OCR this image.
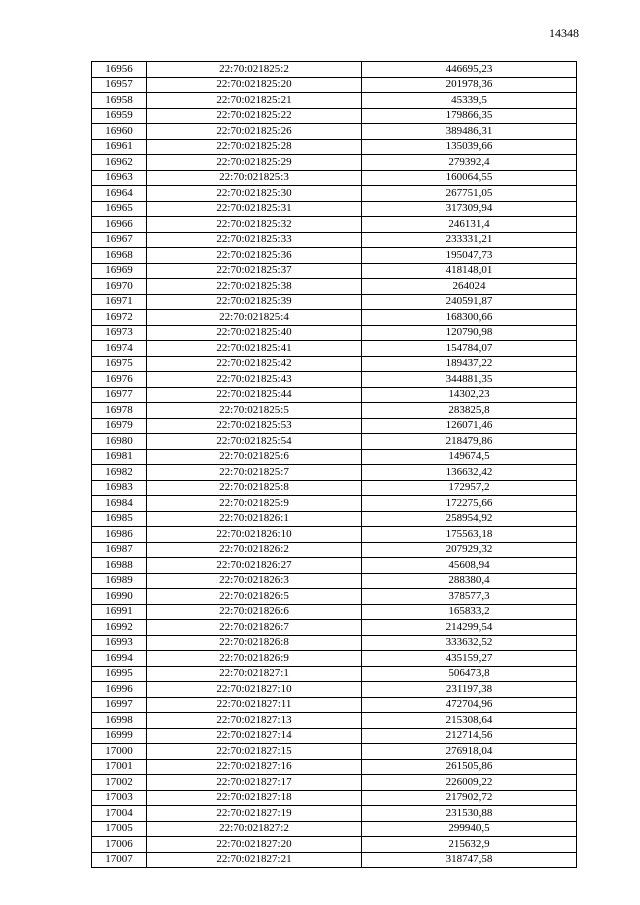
14348
16956	22:70:021825:2	446695,23
16957	22:70:021825:20	201978,36
16958	22:70:021825:21	45339,5
16959	22:70:021825:22	179866,35
16960	22:70:021825:26	389486,31
16961	22:70:021825:28	135039,66
16962	22:70:021825:29	279392,4
16963	22:70:021825:3	160064,55
16964	22:70:021825:30	267751,05
16965	22:70:021825:31	317309,94
16966	22:70:021825:32	246131,4
16967	22:70:021825:33	233331,21
16968	22:70:021825:36	195047,73
16969	22:70:021825:37	418148,01
16970	22:70:021825:38	264024
16971	22:70:021825:39	240591,87
16972	22:70:021825:4	168300,66
16973	22:70:021825:40	120790,98
16974	22:70:021825:41	154784,07
16975	22:70:021825:42	189437,22
16976	22:70:021825:43	344881,35
16977	22:70:021825:44	14302,23
16978	22:70:021825:5	283825,8
16979	22:70:021825:53	126071,46
16980	22:70:021825:54	218479,86
16981	22:70:021825:6	149674,5
16982	22:70:021825:7	136632,42
16983	22:70:021825:8	172957,2
16984	22:70:021825:9	172275,66
16985	22:70:021826:1	258954,92
16986	22:70:021826:10	175563,18
16987	22:70:021826:2	207929,32
16988	22:70:021826:27	45608,94
16989	22:70:021826:3	288380,4
16990	22:70:021826:5	378577,3
16991	22:70:021826:6	165833,2
16992	22:70:021826:7	214299,54
16993	22:70:021826:8	333632,52
16994	22:70:021826:9	435159,27
16995	22:70:021827:1	506473,8
16996	22:70:021827:10	231197,38
16997	22:70:021827:11	472704,96
16998	22:70:021827:13	215308,64
16999	22:70:021827:14	212714,56
17000	22:70:021827:15	276918,04
17001	22:70:021827:16	261505,86
17002	22:70:021827:17	226009,22
17003	22:70:021827:18	217902,72
17004	22:70:021827:19	231530,88
17005	22:70:021827:2	299940,5
17006	22:70:021827:20	215632,9
17007	22:70:021827:21	318747,58
